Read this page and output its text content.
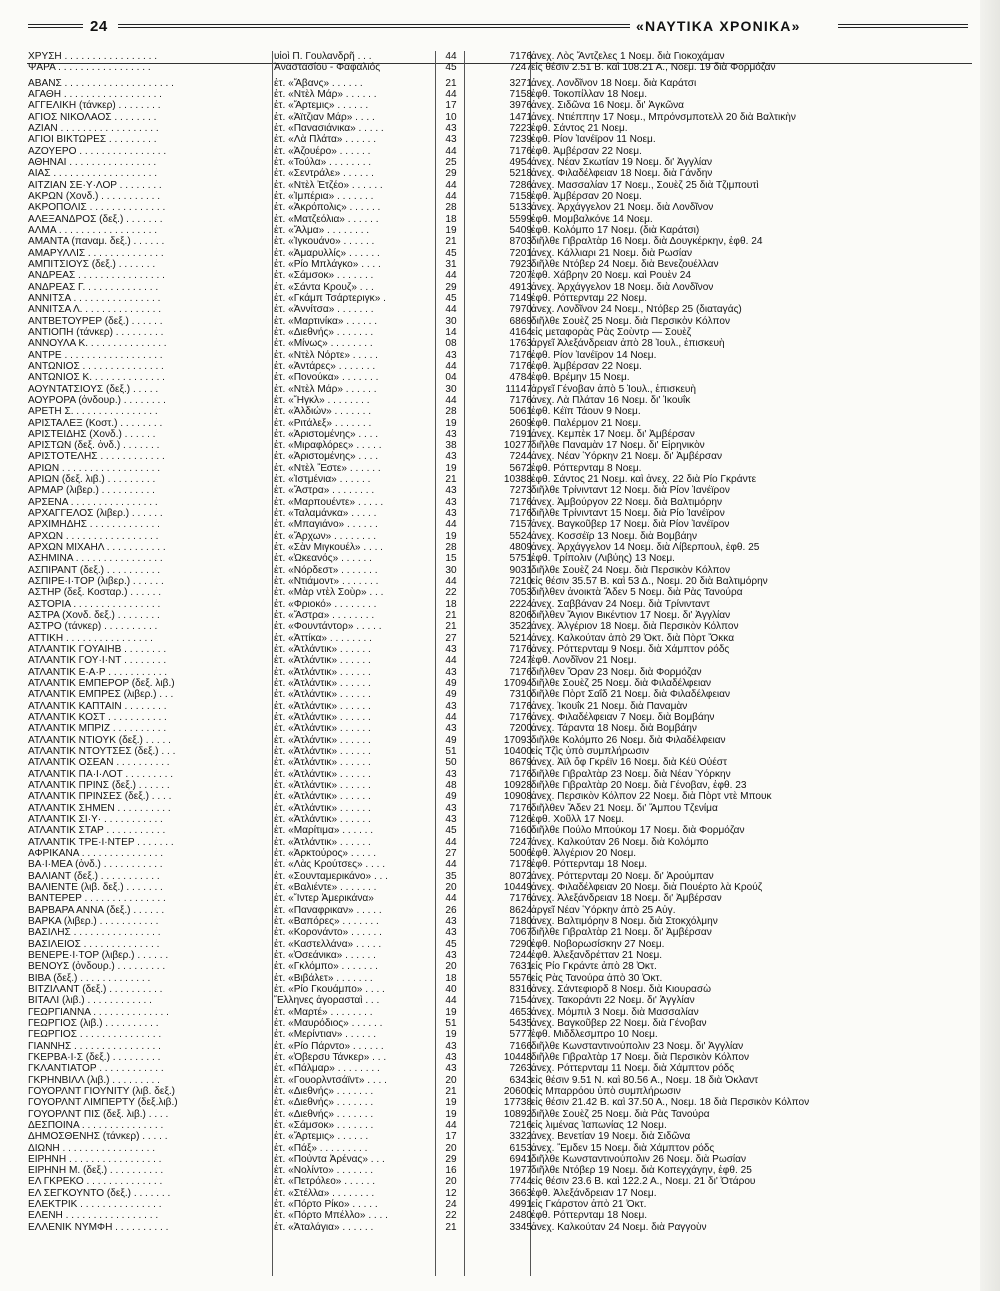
24	«ΝΑΥΤΙΚΑ ΧΡΟΝΙΚΑ»
ΧΡΥΣΗ . . . . . . . . . . . . . . . . .	υἱοὶ Π. Γουλανδρῆ . . .	44	7176 ἀνεχ. Λὸς Ἄντζελες 1 Νοεμ. διὰ Γιοκοχάμαν
ΨΑΡΑ . . . . . . . . . . . . . . . . .	Ἀναστασίου - Φαφαλιός	45	7247 εἰς θέσιν 2.51 Β. καὶ 108.21 Α., Νοεμ. 19 διὰ Φορμόζαν
ΑΒΑΝΣ . . . . . . . . . . . . . . . . . . . .	ἑτ. «Ἄβανς» . . . . . .	21	3271 ἀνεχ. Λονδῖνον 18 Νοεμ. διὰ Καράτσι
ΑΓΑΘΗ . . . . . . . . . . . . . . . . . .	ἑτ. «Ντὲλ Μάρ» . . . . . .	44	7158 ἐφθ. Τοκοπίλλαν 18 Νοεμ.
ΑΓΓΕΛΙΚΗ (τάνκερ) . . . . . . . .	ἑτ. «Ἄρτεμις» . . . . . .	17	3976 ἀνεχ. Σιδῶνα 16 Νοεμ. δι' Ἀγκῶνα
ΑΓΙΟΣ ΝΙΚΟΛΑΟΣ . . . . . . . .	ἑτ. «Ἀϊτζιαν Μάρ» . . . .	10	1471 ἀνεχ. Ντιέππην 17 Νοεμ., Μπρόνσμποτελλ 20 διὰ Βαλτικὴν
ΑΖΙΑΝ . . . . . . . . . . . . . . . . . .	ἑτ. «Πανασιάνικα» . . . . .	43	7223 ἐφθ. Σάντος 21 Νοεμ.
ΑΓΙΟΙ ΒΙΚΤΩΡΕΣ . . . . . . . . .	ἑτ. «Λὰ Πλάτα» . . . . . .	43	7239 ἐφθ. Ρίον Ἰανέϊρον 11 Νοεμ.
ΑΖΟΥΕΡΟ . . . . . . . . . . . . . . . .	ἑτ. «Ἀζουέρο» . . . . . .	44	7176 ἐφθ. Ἀμβέρσαν 22 Νοεμ.
ΑΘΗΝΑΙ . . . . . . . . . . . . . . . .	ἑτ. «Τούλα» . . . . . . . .	25	4954 ἀνεχ. Νέαν Σκωτίαν 19 Νοεμ. δι' Ἀγγλίαν
ΑΙΑΣ . . . . . . . . . . . . . . . . . . .	ἑτ. «Σεντράλε» . . . . . .	29	5218 ἀνεχ. Φιλαδέλφειαν 18 Νοεμ. διὰ Γάνδην
ΑΙΤΖΙΑΝ ΣΕ·Υ·ΛΟΡ . . . . . . . .	ἑτ. «Ντὲλ Ἐτζέο» . . . . . .	44	7286 ἀνεχ. Μασσαλίαν 17 Νοεμ., Σουὲζ 25 διὰ Τζιμπουτὶ
ΑΚΡΩΝ (Χονδ.) . . . . . . . . . . .	ἑτ. «Ἰμπέρια» . . . . . . .	44	7158 ἐφθ. Ἀμβέρσαν 20 Νοεμ.
ΑΚΡΟΠΟΛΙΣ . . . . . . . . . . . . . .	ἑτ. «Ἀκρόπολις» . . . . . .	28	5133 ἀνεχ. Ἀρχάγγελον 21 Νοεμ. διὰ Λονδῖνον
ΑΛΕΞΑΝΔΡΟΣ (δεξ.) . . . . . . .	ἑτ. «Ματζεόλια» . . . . . .	18	5599 ἐφθ. Μομβαλκόνε 14 Νοεμ.
ΑΛΜΑ . . . . . . . . . . . . . . . . . .	ἑτ. «Ἄλμα» . . . . . . . .	19	5409 ἐφθ. Κολόμπο 17 Νοεμ. (διὰ Καράτσι)
ΑΜΑΝΤΑ (παναμ. δεξ.) . . . . . .	ἑτ. «Ἰγκουάνο» . . . . . .	21	8703 διῆλθε Γιβραλτὰρ 16 Νοεμ. διὰ Δουγκέρκην, ἐφθ. 24
ΑΜΑΡΥΛΛΙΣ . . . . . . . . . . . . . .	ἑτ. «Ἀμαρυλλίς» . . . . . .	45	7201 ἀνεχ. Κάλλιαρι 21 Νοεμ. διὰ Ρωσίαν
ΑΜΠΙΤΣΙΟΥΣ (δεξ.) . . . . . . .	ἑτ. «Ρίο Μπλάγκο» . . . .	31	7923 διῆλθε Ντόβερ 24 Νοεμ. διὰ Βενεζουέλλαν
ΑΝΔΡΕΑΣ . . . . . . . . . . . . . . . .	ἑτ. «Σάμσοκ» . . . . . . .	44	7207 ἐφθ. Χάβρην 20 Νοεμ. καὶ Ρουὲν 24
ΑΝΔΡΕΑΣ Γ. . . . . . . . . . . . . .	ἑτ. «Σάντα Κρουζ» . . .	29	4913 ἀνεχ. Ἀρχάγγελον 18 Νοεμ. διὰ Λονδῖνον
ΑΝΝΙΤΣΑ . . . . . . . . . . . . . . . .	ἑτ. «Γκάμπ Τσάρτεριγκ» .	45	7149 ἐφθ. Ρόττερνταμ 22 Νοεμ.
ΑΝΝΙΤΣΑ Λ. . . . . . . . . . . . . . .	ἑτ. «Ἀννίτσα» . . . . . . .	44	7970 ἀνεχ. Λονδῖνον 24 Νοεμ., Ντόβερ 25 (διαταγάς)
ΑΝΤΒΕΤΟΥΡΕΡ (δεξ.) . . . . . .	ἑτ. «Μαρτινίκα» . . . . . .	30	6869 διῆλθε Σουὲζ 25 Νοεμ. διὰ Περσικὸν Κόλπον
ΑΝΤΙΟΠΗ (τάνκερ) . . . . . . . . .	ἑτ. «Διεθνής» . . . . . . .	14	4164 εἰς μεταφορὰς Ρὰς Σοὺντρ — Σουὲζ
ΑΝΝΟΥΛΑ Κ. . . . . . . . . . . . . . .	ἑτ. «Μίνως» . . . . . . . .	08	1763 ἀργεῖ Ἀλεξάνδρειαν ἀπὸ 28 Ἰουλ., ἐπισκευὴ
ΑΝΤΡΕ . . . . . . . . . . . . . . . . . .	ἑτ. «Ντὲλ Νόρτε» . . . . .	43	7176 ἐφθ. Ρίον Ἰανέϊρον 14 Νοεμ.
ΑΝΤΩΝΙΟΣ . . . . . . . . . . . . . . .	ἑτ. «Ἀντάρες» . . . . . . .	44	7176 ἐφθ. Ἀμβέρσαν 22 Νοεμ.
ΑΝΤΩΝΙΟΣ Κ. . . . . . . . . . . . . .	ἑτ. «Πονούκα» . . . . . . .	04	4784 ἐφθ. Βρέμην 15 Νοεμ.
ΑΟΥΝΤΑΤΣΙΟΥΣ (δεξ.) . . . . .	ἑτ. «Ντὲλ Μάρ» . . . . . .	30	11147 ἀργεῖ Γένοβαν ἀπὸ 5 Ἰουλ., ἐπισκευὴ
ΑΟΥΡΟΡΑ (ὀνδουρ.) . . . . . . . .	ἑτ. «Ἥγκλ» . . . . . . . .	44	7176 ἀνεχ. Λὰ Πλάταν 16 Νοεμ. δι' Ἰκουΐκ
ΑΡΕΤΗ Σ. . . . . . . . . . . . . . . .	ἑτ. «Ἀλδιών» . . . . . . .	28	5061 ἐφθ. Κέϊπ Τάουν 9 Νοεμ.
ΑΡΙΣΤΑΛΕΞ (Κοστ.) . . . . . . . .	ἑτ. «Ριτάλεξ» . . . . . . .	19	2609 ἐφθ. Παλέρμον 21 Νοεμ.
ΑΡΙΣΤΕΙΔΗΣ (Χονδ.) . . . . . .	ἑτ. «Ἀριστομένης» . . . .	43	7191 ἀνεχ. Κεμπὲκ 17 Νοεμ. δι' Ἀμβέρσαν
ΑΡΙΣΤΩΝ (δεξ. ὀνδ.) . . . . . . .	ἑτ. «Μιραφλόρες» . . . . .	38	10277 διῆλθε Παναμὰν 17 Νοεμ. δι' Εἰρηνικὸν
ΑΡΙΣΤΟΤΕΛΗΣ . . . . . . . . . . . .	ἑτ. «Ἀριστομένης» . . . .	43	7244 ἀνεχ. Νέαν Ὑόρκην 21 Νοεμ. δι' Ἀμβέρσαν
ΑΡΙΩΝ . . . . . . . . . . . . . . . . . .	ἑτ. «Ντὲλ Ἔστε» . . . . . .	19	5672 ἐφθ. Ρόττερνταμ 8 Νοεμ.
ΑΡΙΩΝ (δεξ. λιβ.) . . . . . . . . .	ἑτ. «Ἰστμένια» . . . . . .	21	10388 ἐφθ. Σάντος 21 Νοεμ. καὶ ἀνεχ. 22 διὰ Ρίο Γκράντε
ΑΡΜΑΡ (λιβερ.) . . . . . . . . . .	ἑτ. «Ἄστρα» . . . . . . . .	43	7273 διῆλθε Τρίνινταντ 12 Νοεμ. διὰ Ρίον Ἰανέϊρον
ΑΡΣΕΝΑ . . . . . . . . . . . . . . . .	ἑτ. «Μαρπουέντε» . . . . .	43	7176 ἀνεχ. Ἀμβούργον 22 Νοεμ. διὰ Βαλτιμόρην
ΑΡΧΑΓΓΕΛΟΣ (λιβερ.) . . . . . .	ἑτ. «Ταλαμάνκα» . . . . .	43	7176 διῆλθε Τρίνινταντ 15 Νοεμ. διὰ Ρίο Ἰανέϊρον
ΑΡΧΙΜΗΔΗΣ . . . . . . . . . . . . .	ἑτ. «Μπαγιάνο» . . . . . .	44	7157 ἀνεχ. Βαγκοῦβερ 17 Νοεμ. διὰ Ρίον Ἰανέϊρον
ΑΡΧΩΝ . . . . . . . . . . . . . . . . .	ἑτ. «Ἄρχων» . . . . . . . .	19	5524 ἀνεχ. Κοσσέϊρ 13 Νοεμ. διὰ Βομβάην
ΑΡΧΩΝ ΜΙΧΑΗΛ . . . . . . . . . . .	ἑτ. «Σὰν Μιγκουέλ» . . . .	28	4809 ἀνεχ. Ἀρχάγγελον 14 Νοεμ. διὰ Λίβερπουλ, ἐφθ. 25
ΑΣΗΜΙΝΑ . . . . . . . . . . . . . . . .	ἑτ. «Ὠκεανός» . . . . . .	15	5751 ἐφθ. Τρίπολιν (Λιβύης) 13 Νοεμ.
ΑΣΠΙΡΑΝΤ (δεξ.) . . . . . . . . . .	ἑτ. «Νόρδεστ» . . . . . . .	30	9031 διῆλθε Σουὲζ 24 Νοεμ. διὰ Περσικὸν Κόλπον
ΑΣΠΙΡΕ·Ι·ΤΟΡ (λιβερ.) . . . . . .	ἑτ. «Ντιάμοντ» . . . . . . .	44	7210 εἰς θέσιν 35.57 Β. καὶ 53 Δ., Νοεμ. 20 διὰ Βαλτιμόρην
ΑΣΤΗΡ (δεξ. Κοσταρ.) . . . . . .	ἑτ. «Μὰρ ντὲλ Σοὺρ» . . .	22	7053 διῆλθεν ἀνοικτὰ Ἄδεν 5 Νοεμ. διὰ Ρὰς Τανούρα
ΑΣΤΟΡΙΑ . . . . . . . . . . . . . . . .	ἑτ. «Φριοκό» . . . . . . . .	18	2224 ἀνεχ. Σαββάναν 24 Νοεμ. διὰ Τρίνινταντ
ΑΣΤΡΑ (Χονδ. δεξ.) . . . . . . . .	ἑτ. «Ἄστρα» . . . . . . . .	21	8206 διῆλθεν Ἅγιον Βικέντιον 17 Νοεμ. δι' Ἀγγλίαν
ΑΣΤΡΟ (τάνκερ) . . . . . . . . . .	ἑτ. «Φουντάντορ» . . . . .	21	3522 ἀνεχ. Ἀλγέριον 18 Νοεμ. διὰ Περσικὸν Κόλπον
ΑΤΤΙΚΗ . . . . . . . . . . . . . . . .	ἑτ. «Ἀττίκα» . . . . . . . .	27	5214 ἀνεχ. Καλκούταν ἀπὸ 29 Ὀκτ. διὰ Πὸρτ Ὄκκα
ΑΤΛΑΝΤΙΚ ΓΟΥΑΙΗΒ . . . . . . . .	ἑτ. «Ἀτλάντικ» . . . . . .	43	7176 ἀνεχ. Ρόττερνταμ 9 Νοεμ. διὰ Χάμπτον ρόδς
ΑΤΛΑΝΤΙΚ ΓΟΥ·Ι·ΝΤ . . . . . . . .	ἑτ. «Ἀτλάντικ» . . . . . .	44	7247 ἐφθ. Λονδῖνον 21 Νοεμ.
ΑΤΛΑΝΤΙΚ Ε·Α·Ρ . . . . . . . . . . .	ἑτ. «Ἀτλάντικ» . . . . . .	43	7176 διῆλθεν Ὄραν 23 Νοεμ. διὰ Φορμόζαν
ΑΤΛΑΝΤΙΚ ΕΜΠΕΡΟΡ (δεξ. λιβ.)	ἑτ. «Ἀτλάντικ» . . . . . .	49	17094 διῆλθε Σουὲζ 25 Νοεμ. διὰ Φιλαδέλφειαν
ΑΤΛΑΝΤΙΚ ΕΜΠΡΕΣ (λιβερ.) . . .	ἑτ. «Ἀτλάντικ» . . . . . .	49	7310 διῆλθε Πὸρτ Σαΐδ 21 Νοεμ. διὰ Φιλαδέλφειαν
ΑΤΛΑΝΤΙΚ ΚΑΠΤΑΙΝ . . . . . . . .	ἑτ. «Ἀτλάντικ» . . . . . .	43	7176 ἀνεχ. Ἰκουΐκ 21 Νοεμ. διὰ Παναμὰν
ΑΤΛΑΝΤΙΚ ΚΟΣΤ . . . . . . . . . . .	ἑτ. «Ἀτλάντικ» . . . . . .	44	7176 ἀνεχ. Φιλαδέλφειαν 7 Νοεμ. διὰ Βομβάην
ΑΤΛΑΝΤΙΚ ΜΠΡΙΖ . . . . . . . . . .	ἑτ. «Ἀτλάντικ» . . . . . .	43	7200 ἀνεχ. Τάραντα 18 Νοεμ. διὰ Βομβάην
ΑΤΛΑΝΤΙΚ ΝΤΙΟΥΚ (δεξ.) . . . . .	ἑτ. «Ἀτλάντικ» . . . . . .	49	17093 διῆλθε Κολόμπο 26 Νοεμ. διὰ Φιλαδέλφειαν
ΑΤΛΑΝΤΙΚ ΝΤΟΥΤΣΕΣ (δεξ.) . . .	ἑτ. «Ἀτλάντικ» . . . . . .	51	10400 εἰς Τζὶς ὑπὸ συμπλήρωσιν
ΑΤΛΑΝΤΙΚ ΟΣΕΑΝ . . . . . . . . . .	ἑτ. «Ἀτλάντικ» . . . . . .	50	8679 ἀνεχ. Ἀϊλ ὄφ Γκρέϊν 16 Νοεμ. διὰ Κέϋ Οὐέστ
ΑΤΛΑΝΤΙΚ ΠΑ·Ι·ΛΟΤ . . . . . . . . .	ἑτ. «Ἀτλάντικ» . . . . . .	43	7176 διῆλθε Γιβραλτὰρ 23 Νοεμ. διὰ Νέαν Ὑόρκην
ΑΤΛΑΝΤΙΚ ΠΡΙΝΣ (δεξ.) . . . . . .	ἑτ. «Ἀτλάντικ» . . . . . .	48	10928 διῆλθε Γιβραλτὰρ 20 Νοεμ. διὰ Γένοβαν, ἐφθ. 23
ΑΤΛΑΝΤΙΚ ΠΡΙΝΣΕΣ (δεξ.) . . . .	ἑτ. «Ἀτλάντικ» . . . . . .	49	10908 ἀνεχ. Περσικὸν Κόλπον 22 Νοεμ. διὰ Πὸρτ ντὲ Μπουκ
ΑΤΛΑΝΤΙΚ ΣΗΜΕΝ . . . . . . . . . .	ἑτ. «Ἀτλάντικ» . . . . . .	43	7176 διῆλθεν Ἄδεν 21 Νοεμ. δι' Ἄμπου Τζενίμα
ΑΤΛΑΝΤΙΚ ΣΙ·Υ· . . . . . . . . . . .	ἑτ. «Ἀτλάντικ» . . . . . .	43	7126 ἐφθ. Χοῦλλ 17 Νοεμ.
ΑΤΛΑΝΤΙΚ ΣΤΑΡ . . . . . . . . . . .	ἑτ. «Μαρίτιμα» . . . . . .	45	7160 διῆλθε Πούλο Μπούκομ 17 Νοεμ. διὰ Φορμόζαν
ΑΤΛΑΝΤΙΚ ΤΡΕ·Ι·ΝΤΕΡ . . . . . . .	ἑτ. «Ἀτλάντικ» . . . . . .	44	7247 ἀνεχ. Καλκούταν 26 Νοεμ. διὰ Κολόμπο
ΑΦΡΙΚΑΝΑ . . . . . . . . . . . . . . .	ἑτ. «Ἀρκτούρος» . . . . .	27	5006 ἐφθ. Ἀλγέριον 20 Νοεμ.
ΒΑ·Ι·ΜΕΑ (ὀνδ.) . . . . . . . . . . .	ἑτ. «Λὰς Κρούτσες» . . . .	44	7178 ἐφθ. Ρόττερνταμ 18 Νοεμ.
ΒΑΛΙΑΝΤ (δεξ.) . . . . . . . . . . .	ἑτ. «Σουνταμερικάνο» . . .	35	8072 ἀνεχ. Ρόττερνταμ 20 Νοεμ. δι' Ἀρούμπαν
ΒΑΛΙΕΝΤΕ (λιβ. δεξ.) . . . . . . .	ἑτ. «Βαλιέντε» . . . . . . .	20	10449 ἀνεχ. Φιλαδέλφειαν 20 Νοεμ. διὰ Πουέρτο λὰ Κρούζ
ΒΑΝΤΕΡΕΡ . . . . . . . . . . . . . . .	ἑτ. «Ἴντερ Ἀμερικάνα»	44	7176 ἀνεχ. Ἀλεξάνδρειαν 18 Νοεμ. δι' Ἀμβέρσαν
ΒΑΡΒΑΡΑ ΑΝΝΑ (δεξ.) . . . . . .	ἑτ. «Παναφρικαν» . . . . .	26	8624 ἀργεῖ Νέαν Ὑόρκην ἀπὸ 25 Αὐγ.
ΒΑΡΚΑ (λιβερ.) . . . . . . . . . . .	ἑτ. «Βαπόρες» . . . . . . .	43	7180 ἀνεχ. Βαλτιμόρην 8 Νοεμ. διὰ Στοκχόλμην
ΒΑΣΙΛΗΣ . . . . . . . . . . . . . . . .	ἑτ. «Κορονάντο» . . . . . .	43	7067 διῆλθε Γιβραλτὰρ 21 Νοεμ. δι' Ἀμβέρσαν
ΒΑΣΙΛΕΙΟΣ . . . . . . . . . . . . . .	ἑτ. «Καστελλάνα» . . . . .	45	7290 ἐφθ. Νοβορωσίσκην 27 Νοεμ.
ΒΕΝΕΡΕ·Ι·ΤΟΡ (λιβερ.) . . . . . .	ἑτ. «Ὀσεάνικα» . . . . . .	43	7244 ἐφθ. Ἀλεξανδρέτταν 21 Νοεμ.
ΒΕΝΟΥΣ (ὀνδουρ.) . . . . . . . . .	ἑτ. «Γκλόμπο» . . . . . . .	20	7631 εἰς Ρίο Γκράντε ἀπὸ 28 Ὀκτ.
ΒΙΒΑ (δεξ.) . . . . . . . . . . . . .	ἑτ. «Βιβάλετ» . . . . . . .	18	5576 εἰς Ρὰς Τανούρα ἀπὸ 30 Ὀκτ.
ΒΙΤΖΙΛΑΝΤ (δεξ.) . . . . . . . . . .	ἑτ. «Ρίο Γκουάμπο» . . . .	40	8316 ἀνεχ. Σάντεφιορδ 8 Νοεμ. διὰ Κιουρασὼ
ΒΙΤΑΛΙ (λιβ.) . . . . . . . . . . . .	Ἕλληνες ἀγορασταὶ . . .	44	7154 ἀνεχ. Τακοράντι 22 Νοεμ. δι' Ἀγγλίαν
ΓΕΩΡΓΙΑΝΝΑ . . . . . . . . . . . . . .	ἑτ. «Μαρτέ» . . . . . . . .	19	4653 ἀνεχ. Μόμπιλ 3 Νοεμ. διὰ Μασσαλίαν
ΓΕΩΡΓΙΟΣ (λιβ.) . . . . . . . . . .	ἑτ. «Μαυρόδιος» . . . . . .	51	5435 ἀνεχ. Βαγκοῦβερ 22 Νοεμ. διὰ Γένοβαν
ΓΕΩΡΓΙΟΣ . . . . . . . . . . . . . . .	ἑτ. «Μερίντιαν» . . . . . .	19	5777 ἐφθ. Μιδδλεσμπρο 10 Νοεμ.
ΓΙΑΝΝΗΣ . . . . . . . . . . . . . . . .	ἑτ. «Ρίο Πάρντο» . . . . . .	43	7166 διῆλθε Κωνσταντινούπολιν 23 Νοεμ. δι' Ἀγγλίαν
ΓΚΕΡΒΑ·Ι·Σ (δεξ.) . . . . . . . . .	ἑτ. «Ὀβερσυ Τάνκερ» . . .	43	10448 διῆλθε Γιβραλτὰρ 17 Νοεμ. διὰ Περσικὸν Κόλπον
ΓΚΛΑΝΤΙΑΤΟΡ . . . . . . . . . . . .	ἑτ. «Πάλμαρ» . . . . . . . .	43	7263 ἀνεχ. Ρόττερνταμ 11 Νοεμ. διὰ Χάμπτον ρόδς
ΓΚΡΗΝΒΙΛΛ (λιβ.) . . . . . . . . .	ἑτ. «Γουορλντσάϊντ» . . . .	20	6343 εἰς θέσιν 9.51 Ν. καὶ 80.56 Α., Νοεμ. 18 διὰ Ὀκλαντ
ΓΟΥΟΡΛΝΤ ΓΙΟΥΝΙΤΥ (λιβ. δεξ.)	ἑτ. «Διεθνής» . . . . . . .	21	20600 εἰς Μπαρρόου ὑπὸ συμπλήρωσιν
ΓΟΥΟΡΛΝΤ ΛΙΜΠΕΡΤΥ (δεξ.λιβ.)	ἑτ. «Διεθνής» . . . . . . .	19	17738 εἰς θέσιν 21.42 Β. καὶ 37.50 Α., Νοεμ. 18 διὰ Περσικὸν Κόλπον
ΓΟΥΟΡΛΝΤ ΠΙΣ (δεξ. λιβ.) . . . .	ἑτ. «Διεθνής» . . . . . . .	19	10892 διῆλθε Σουὲζ 25 Νοεμ. διὰ Ρὰς Τανούρα
ΔΕΣΠΟΙΝΑ . . . . . . . . . . . . . . .	ἑτ. «Σάμσοκ» . . . . . . .	44	7216 εἰς λιμένας Ἰαπωνίας 12 Νοεμ.
ΔΗΜΟΣΘΕΝΗΣ (τάνκερ) . . . . .	ἑτ. «Ἄρτεμις» . . . . . .	17	3322 ἀνεχ. Βενετίαν 19 Νοεμ. διὰ Σιδῶνα
ΔΙΩΝΗ . . . . . . . . . . . . . . . . .	ἑτ. «Πάξ» . . . . . . . . .	20	6153 ἀνεχ. Ἔμδεν 15 Νοεμ. διὰ Χάμπτον ρόδς
ΕΙΡΗΝΗ . . . . . . . . . . . . . . . . .	ἑτ. «Πούντα Ἀρένας» . . .	29	6941 διῆλθε Κωνσταντινούπολιν 26 Νοεμ. διὰ Ρωσίαν
ΕΙΡΗΝΗ Μ. (δεξ.) . . . . . . . . . .	ἑτ. «Νολίντο» . . . . . . .	16	1977 διῆλθε Ντόβερ 19 Νοεμ. διὰ Κοπεγχάγην, ἐφθ. 25
ΕΛ ΓΚΡΕΚΟ . . . . . . . . . . . . . .	ἑτ. «Πετρόλεο» . . . . . .	20	7744 εἰς θέσιν 23.6 Β. καὶ 122.2 Α., Νοεμ. 21 δι' Ὀτάρου
ΕΛ ΣΕΓΚΟΥΝΤΟ (δεξ.) . . . . . . .	ἑτ. «Στέλλα» . . . . . . . .	12	3663 ἐφθ. Ἀλεξάνδρειαν 17 Νοεμ.
ΕΛΕΚΤΡΙΚ . . . . . . . . . . . . . . .	ἑτ. «Πόρτο Ρίκο» . . . . .	24	4991 εἰς Γκάρστον ἀπὸ 21 Ὀκτ.
ΕΛΕΝΗ . . . . . . . . . . . . . . . . .	ἑτ. «Πόρτο Μπέλλο» . . . .	22	2480 ἐφθ. Ρόττερνταμ 18 Νοεμ.
ΕΛΛΕΝΙΚ ΝΥΜΦΗ . . . . . . . . . .	ἑτ. «Ἀταλάγια» . . . . . .	21	3345 ἀνεχ. Καλκούταν 24 Νοεμ. διὰ Ραγγοὺν
